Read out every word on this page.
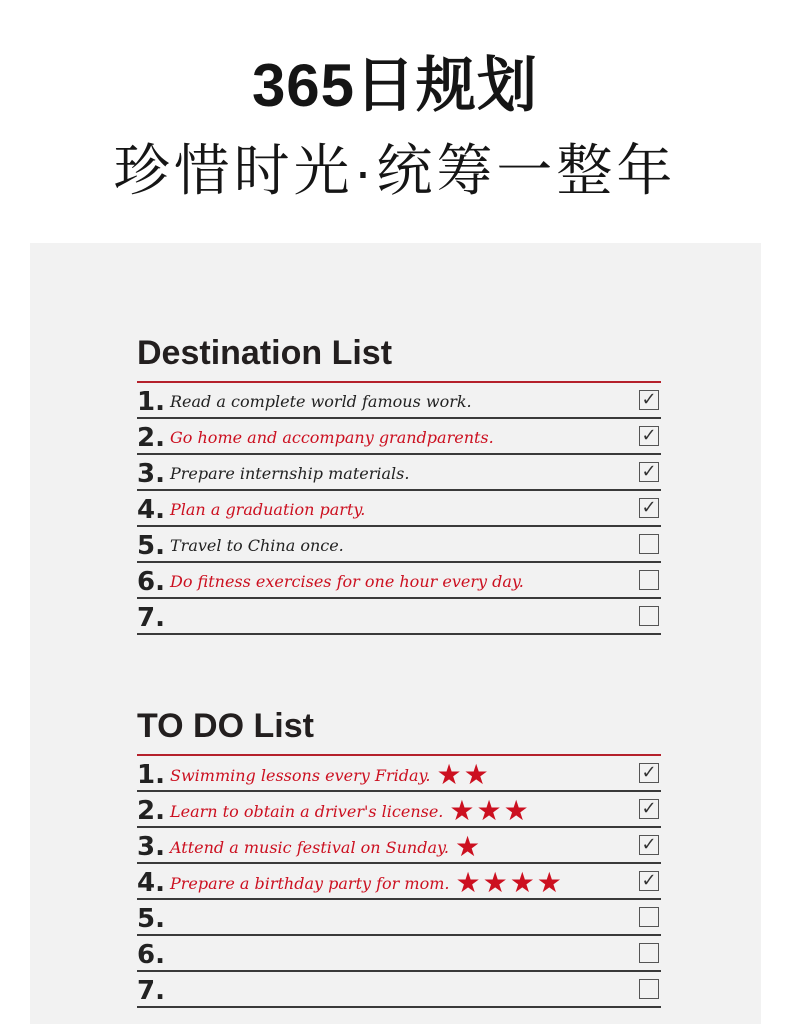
365日规划
珍惜时光·统筹一整年
Destination List
1. Read a complete world famous work.	✓
2. Go home and accompany grandparents.	✓
3. Prepare internship materials.	✓
4. Plan a graduation party.	✓
5. Travel to China once.
6. Do fitness exercises for one hour every day.
7.
TO DO List
1. Swimming lessons every Friday. ★★	✓
2. Learn to obtain a driver's license. ★★★	✓
3. Attend a music festival on Sunday. ★	✓
4. Prepare a birthday party for mom. ★★★★	✓
5.
6.
7.
